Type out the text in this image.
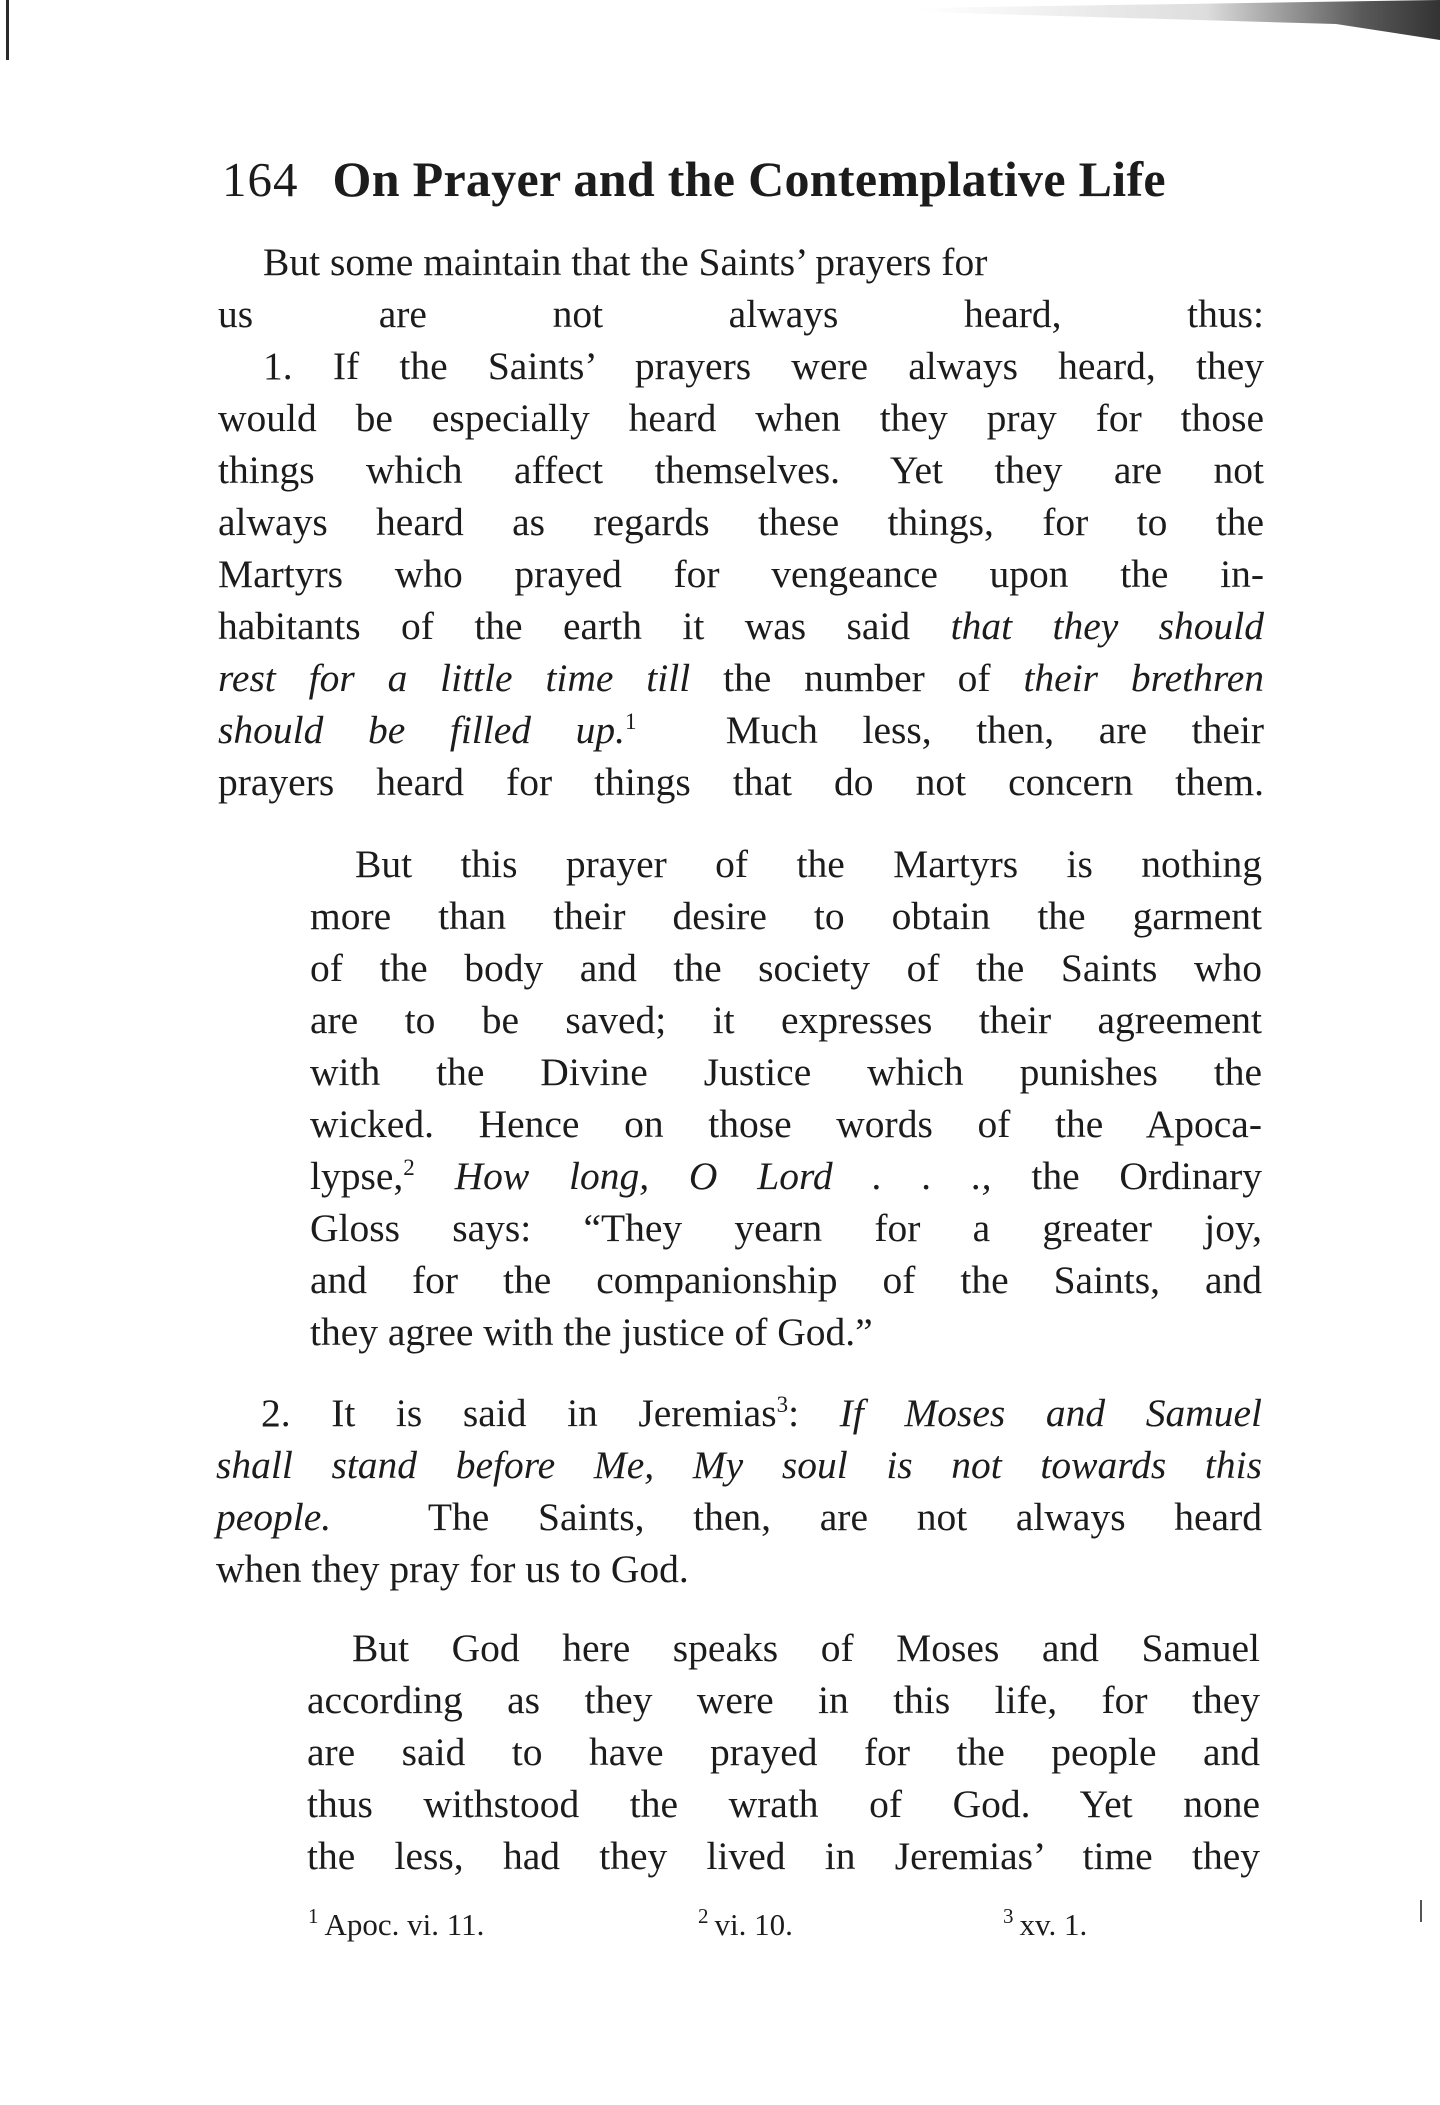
164 On Prayer and the Contemplative Life
But some maintain that the Saints’ prayers for
us are not always heard, thus:
1. If the Saints’ prayers were always heard, they
would be especially heard when they pray for those
things which affect themselves. Yet they are not
always heard as regards these things, for to the
Martyrs who prayed for vengeance upon the in-
habitants of the earth it was said that they should
rest for a little time till the number of their brethren
should be filled up.$^1$ Much less, then, are their
prayers heard for things that do not concern them.
But this prayer of the Martyrs is nothing
more than their desire to obtain the garment
of the body and the society of the Saints who
are to be saved; it expresses their agreement
with the Divine Justice which punishes the
wicked. Hence on those words of the Apoca-
lypse,$^2$ How long, O Lord . . ., the Ordinary
Gloss says: “They yearn for a greater joy,
and for the companionship of the Saints, and
they agree with the justice of God.”
2. It is said in Jeremias$^3$: If Moses and Samuel
shall stand before Me, My soul is not towards this
people. The Saints, then, are not always heard
when they pray for us to God.
But God here speaks of Moses and Samuel
according as they were in this life, for they
are said to have prayed for the people and
thus withstood the wrath of God. Yet none
the less, had they lived in Jeremias’ time they
$^1$ Apoc. vi. 11.	$^2$ vi. 10.	$^3$ xv. 1.
